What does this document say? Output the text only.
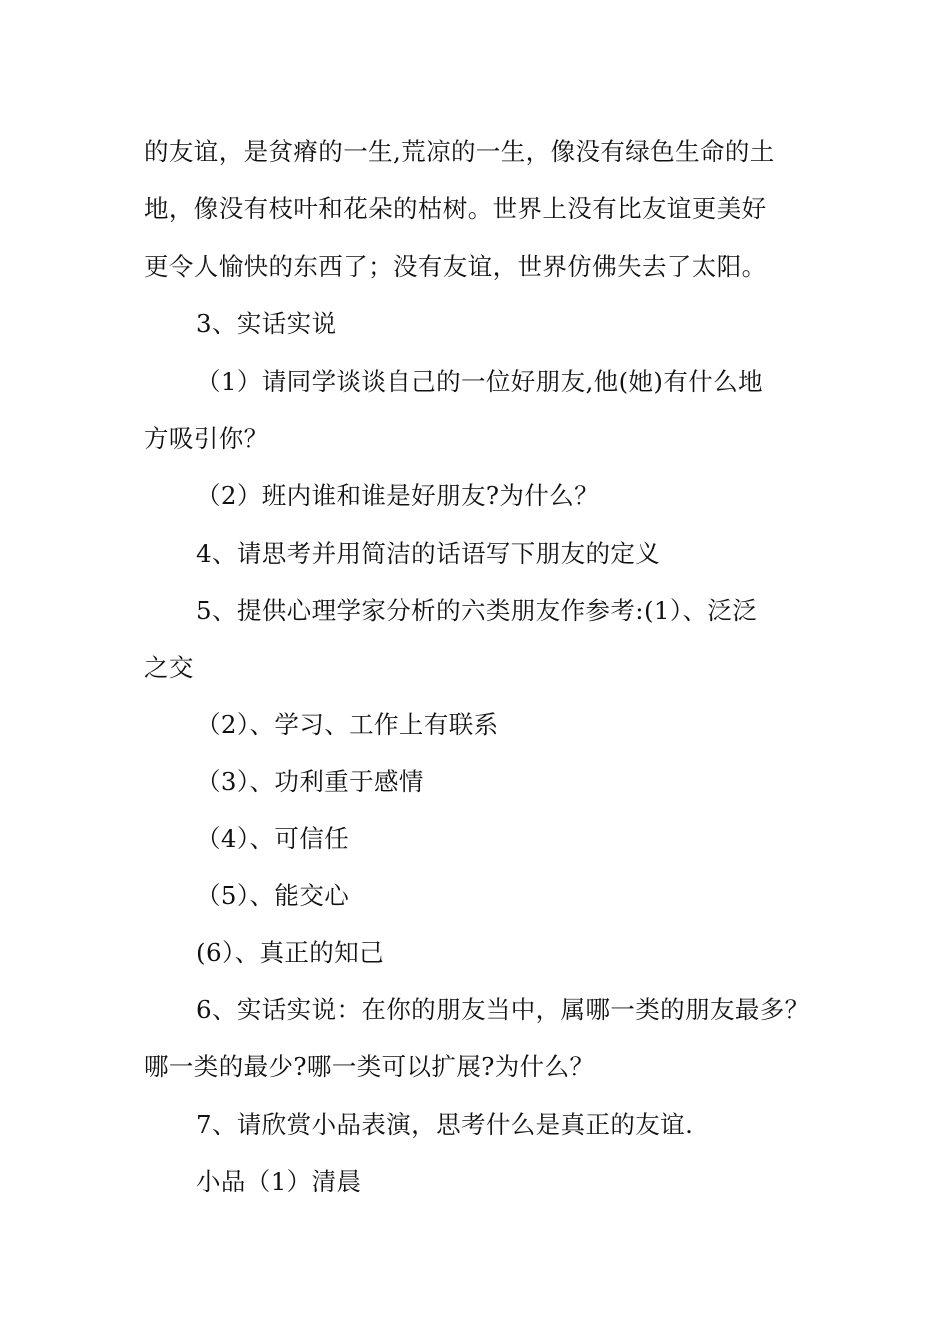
的友谊，是贫瘠的一生,荒凉的一生，像没有绿色生命的土

地，像没有枝叶和花朵的枯树。世界上没有比友谊更美好

更令人愉快的东西了；没有友谊，世界仿佛失去了太阳。

3、实话实说

（1）请同学谈谈自己的一位好朋友,他(她)有什么地

方吸引你？

（2）班内谁和谁是好朋友?为什么？

4、请思考并用简洁的话语写下朋友的定义

5、提供心理学家分析的六类朋友作参考:(1）、泛泛

之交

（2）、学习、工作上有联系

（3）、功利重于感情

（4）、可信任

（5）、能交心

(6）、真正的知己

6、实话实说：在你的朋友当中，属哪一类的朋友最多？

哪一类的最少?哪一类可以扩展?为什么？

7、请欣赏小品表演，思考什么是真正的友谊.

小品（1）清晨
